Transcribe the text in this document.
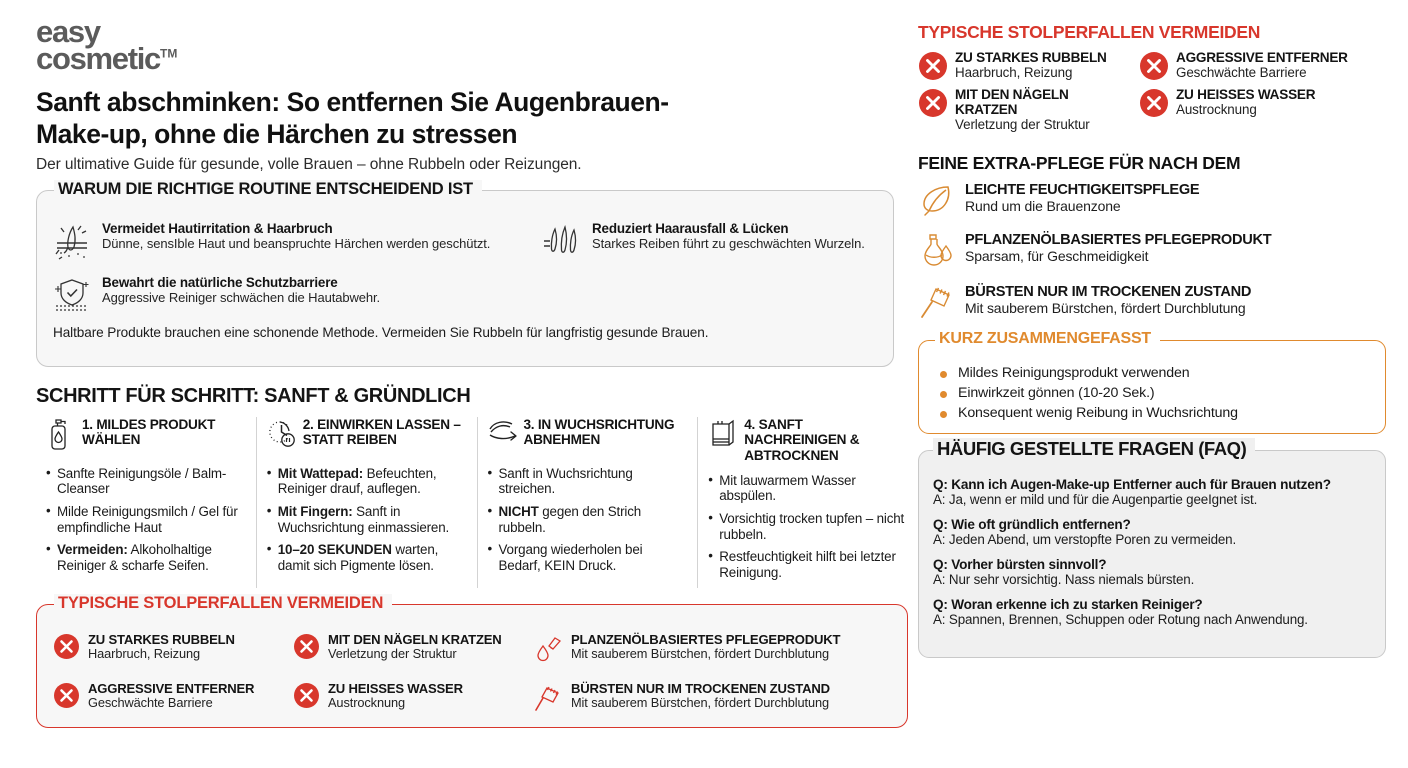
easy
cosmetic™
Sanft abschminken: So entfernen Sie Augenbrauen-Make-up, ohne die Härchen zu stressen
Der ultimative Guide für gesunde, volle Brauen – ohne Rubbeln oder Reizungen.
WARUM DIE RICHTIGE ROUTINE ENTSCHEIDEND IST
Vermeidet Hautirritation & Haarbruch
Dünne, sensIble Haut und beanspruchte Härchen werden geschützt.
Bewahrt die natürliche Schutzbarriere
Aggressive Reiniger schwächen die Hautabwehr.
Reduziert Haarausfall & Lücken
Starkes Reiben führt zu geschwächten Wurzeln.
Haltbare Produkte brauchen eine schonende Methode. Vermeiden Sie Rubbeln für langfristig gesunde Brauen.
SCHRITT FÜR SCHRITT: SANFT & GRÜNDLICH
1. MILDES PRODUKT WÄHLEN
• Sanfte Reinigungsöle / Balm-Cleanser
• Milde Reinigungsmilch / Gel für empfindliche Haut
• Vermeiden: Alkoholhaltige Reiniger & scharfe Seifen.
2. EINWIRKEN LASSEN – STATT REIBEN
• Mit Wattepad: Befeuchten, Reiniger drauf, auflegen.
• Mit Fingern: Sanft in Wuchsrichtung einmassieren.
• 10–20 SEKUNDEN warten, damit sich Pigmente lösen.
3. IN WUCHSRICHTUNG ABNEHMEN
• Sanft in Wuchsrichtung streichen.
• NICHT gegen den Strich rubbeln.
• Vorgang wiederholen bei Bedarf, KEIN Druck.
4. SANFT NACHREINIGEN & ABTROCKNEN
• Mit lauwarmem Wasser abspülen.
• Vorsichtig trocken tupfen – nicht rubbeln.
• Restfeuchtigkeit hilft bei letzter Reinigung.
TYPISCHE STOLPERFALLEN VERMEIDEN
ZU STARKES RUBBELN
Haarbruch, Reizung
MIT DEN NÄGELN KRATZEN
Verletzung der Struktur
PLANZENÖLBASIERTES PFLEGEPRODUKT
Mit sauberem Bürstchen, fördert Durchblutung
AGGRESSIVE ENTFERNER
Geschwächte Barriere
ZU HEISSES WASSER
Austrocknung
BÜRSTEN NUR IM TROCKENEN ZUSTAND
Mit sauberem Bürstchen, fördert Durchblutung
TYPISCHE STOLPERFALLEN VERMEIDEN
ZU STARKES RUBBELN
Haarbruch, Reizung
AGGRESSIVE ENTFERNER
Geschwächte Barriere
MIT DEN NÄGELN KRATZEN
Verletzung der Struktur
ZU HEISSES WASSER
Austrocknung
FEINE EXTRA-PFLEGE FÜR NACH DEM
LEICHTE FEUCHTIGKEITSPFLEGE
Rund um die Brauenzone
PFLANZENÖLBASIERTES PFLEGEPRODUKT
Sparsam, für Geschmeidigkeit
BÜRSTEN NUR IM TROCKENEN ZUSTAND
Mit sauberem Bürstchen, fördert Durchblutung
KURZ ZUSAMMENGEFASST
Mildes Reinigungsprodukt verwenden
Einwirkzeit gönnen (10-20 Sek.)
Konsequent wenig Reibung in Wuchsrichtung
HÄUFIG GESTELLTE FRAGEN (FAQ)
Q: Kann ich Augen-Make-up Entferner auch für Brauen nutzen?
A: Ja, wenn er mild und für die Augenpartie geeIgnet ist.
Q: Wie oft gründlich entfernen?
A: Jeden Abend, um verstopfte Poren zu vermeiden.
Q: Vorher bürsten sinnvoll?
A: Nur sehr vorsichtig. Nass niemals bürsten.
Q: Woran erkenne ich zu starken Reiniger?
A: Spannen, Brennen, Schuppen oder Rotung nach Anwendung.
